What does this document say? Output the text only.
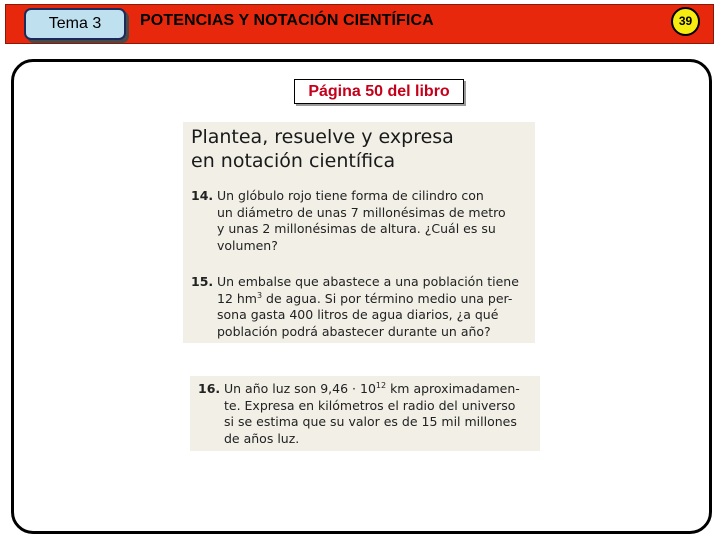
Tema 3	POTENCIAS Y NOTACIÓN CIENTÍFICA	39
Página 50 del libro
Plantea, resuelve y expresa
en notación científica
14. Un glóbulo rojo tiene forma de cilindro con
un diámetro de unas 7 millonésimas de metro
y unas 2 millonésimas de altura. ¿Cuál es su
volumen?
15. Un embalse que abastece a una población tiene
12 $hm^3$ de agua. Si por término medio una per-
sona gasta 400 litros de agua diarios, ¿a qué
población podrá abastecer durante un año?
16. Un año luz son $9,46 \cdot 10^{12}$ km aproximadamen-
te. Expresa en kilómetros el radio del universo
si se estima que su valor es de 15 mil millones
de años luz.
